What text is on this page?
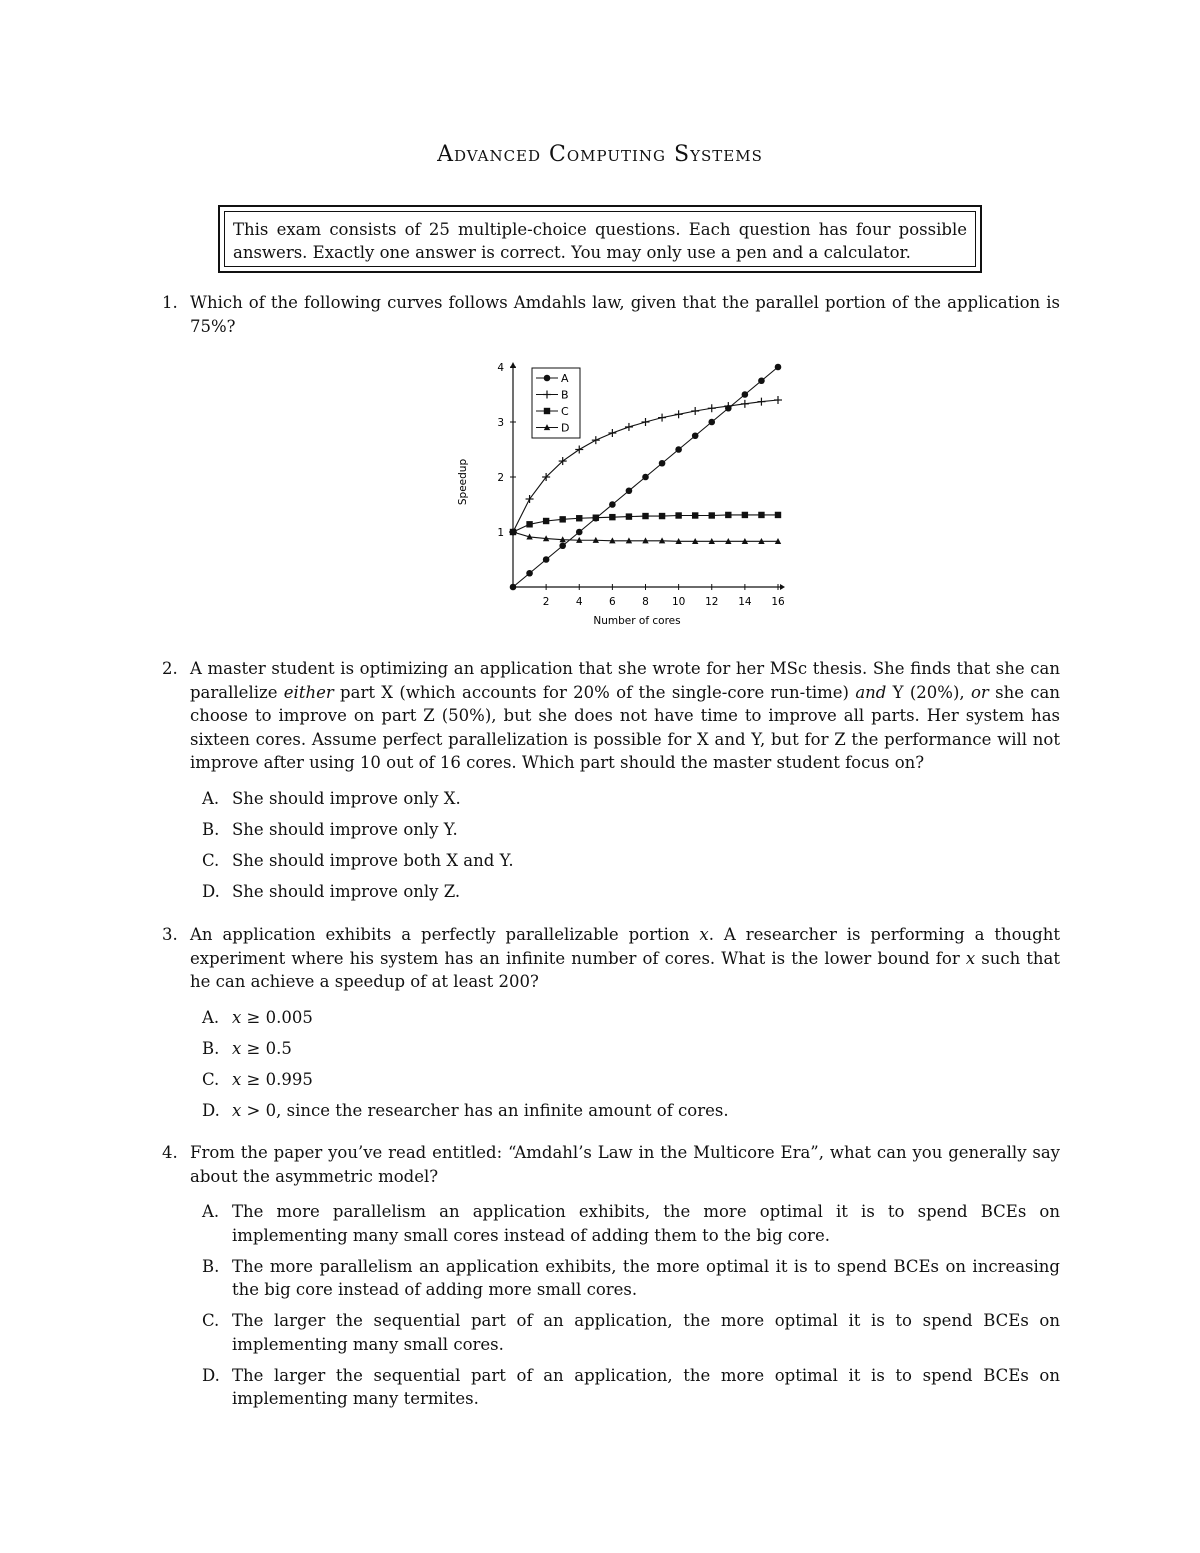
Advanced Computing Systems
This exam consists of 25 multiple-choice questions. Each question has four possible answers. Exactly one answer is correct. You may only use a pen and a calculator.
1. Which of the following curves follows Amdahls law, given that the parallel portion of the application is 75%?
2	4	6	8 10 12 14 16
1
2
3
4
A
B
C
D
Number of cores
Speedup
2. A master student is optimizing an application that she wrote for her MSc thesis. She finds that she can parallelize either part X (which accounts for 20% of the single-core run-time) and Y (20%), or she can choose to improve on part Z (50%), but she does not have time to improve all parts. Her system has sixteen cores. Assume perfect parallelization is possible for X and Y, but for Z the performance will not improve after using 10 out of 16 cores. Which part should the master student focus on?
A. She should improve only X.
B. She should improve only Y.
C. She should improve both X and Y.
D. She should improve only Z.
3. An application exhibits a perfectly parallelizable portion x. A researcher is performing a thought experiment where his system has an infinite number of cores. What is the lower bound for x such that he can achieve a speedup of at least 200?
A. x ≥ 0.005
B. x ≥ 0.5
C. x ≥ 0.995
D. x > 0, since the researcher has an infinite amount of cores.
4. From the paper you’ve read entitled: “Amdahl’s Law in the Multicore Era”, what can you generally say about the asymmetric model?
A. The more parallelism an application exhibits, the more optimal it is to spend BCEs on implementing many small cores instead of adding them to the big core.
B. The more parallelism an application exhibits, the more optimal it is to spend BCEs on increasing the big core instead of adding more small cores.
C. The larger the sequential part of an application, the more optimal it is to spend BCEs on implementing many small cores.
D. The larger the sequential part of an application, the more optimal it is to spend BCEs on implementing many termites.
